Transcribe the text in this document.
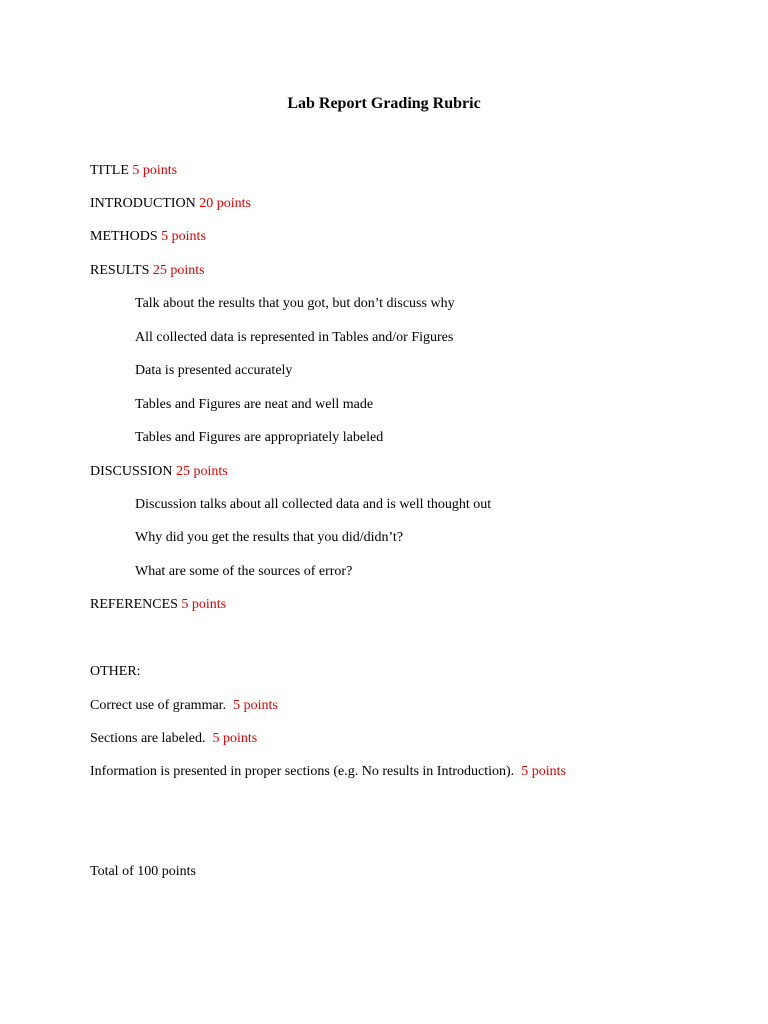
Lab Report Grading Rubric
TITLE 5 points
INTRODUCTION 20 points
METHODS 5 points
RESULTS 25 points
Talk about the results that you got, but don’t discuss why
All collected data is represented in Tables and/or Figures
Data is presented accurately
Tables and Figures are neat and well made
Tables and Figures are appropriately labeled
DISCUSSION 25 points
Discussion talks about all collected data and is well thought out
Why did you get the results that you did/didn’t?
What are some of the sources of error?
REFERENCES 5 points
OTHER:
Correct use of grammar. 5 points
Sections are labeled. 5 points
Information is presented in proper sections (e.g. No results in Introduction). 5 points
Total of 100 points
